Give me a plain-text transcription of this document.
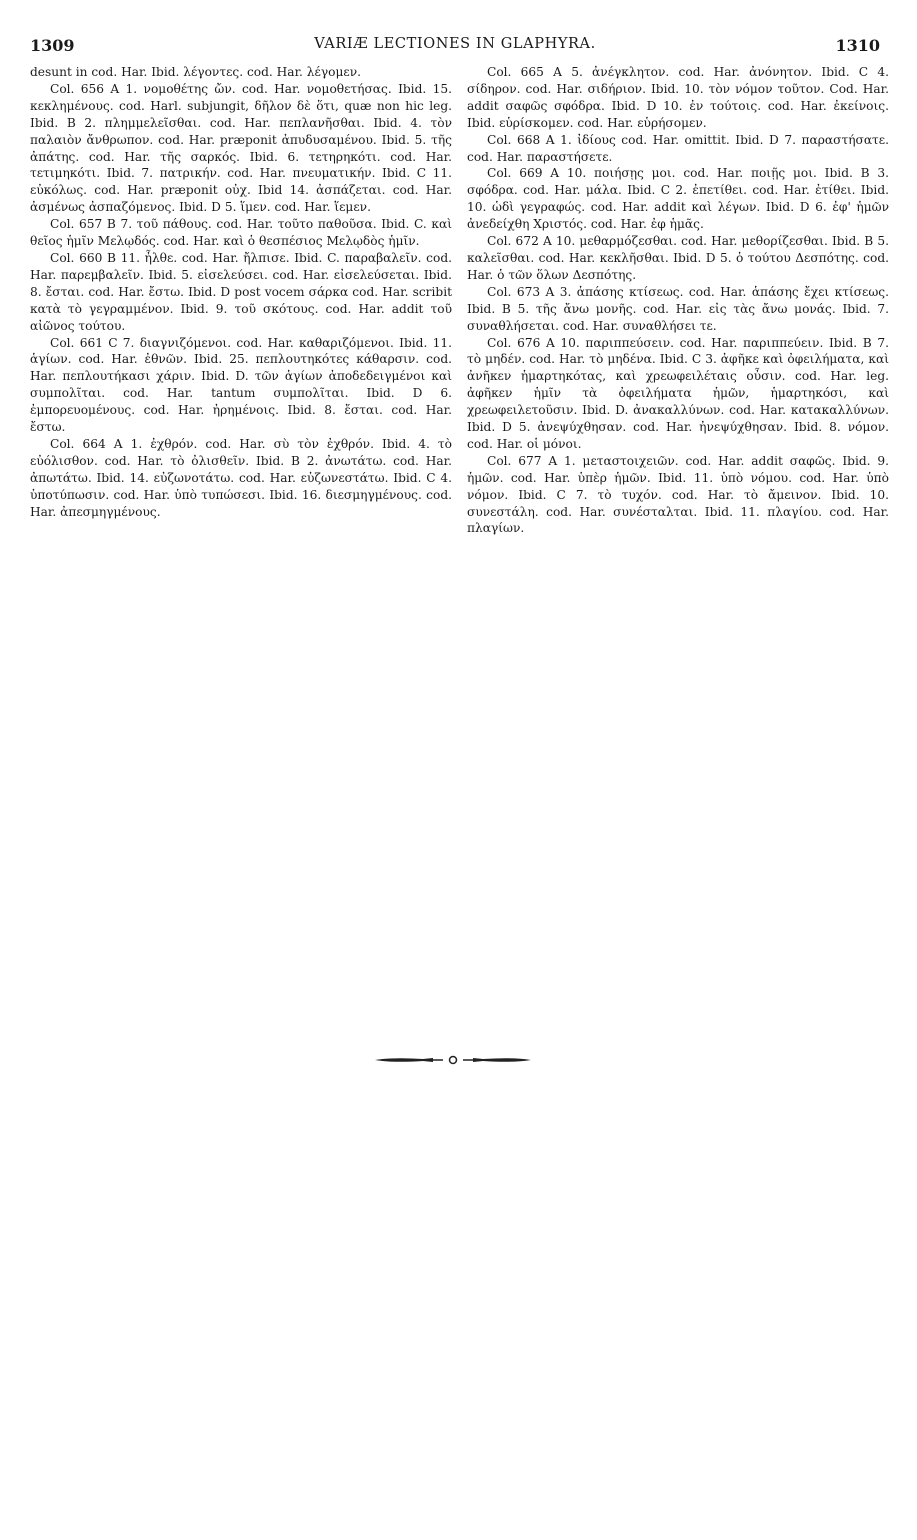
1309	VARIÆ LECTIONES IN GLAPHYRA.	1310

desunt in cod. Har. Ibid. λέγοντες. cod. Har. λέγομεν.

Col. 656 A 1. νομοθέτης ὤν. cod. Har. νομοθετήσας. Ibid. 15. κεκλημένους. cod. Harl. subjungit, δῆλον δὲ ὅτι, quæ non hic leg. Ibid. B 2. πλημμελεῖσθαι. cod. Har. πεπλανῆσθαι. Ibid. 4. τὸν παλαιὸν ἄνθρωπον. cod. Har. præponit ἀπυδυσαμένου. Ibid. 5. τῆς ἀπάτης. cod. Har. τῆς σαρκός. Ibid. 6. τετηρηκότι. cod. Har. τετιμηκότι. Ibid. 7. πατρικήν. cod. Har. πνευματικήν. Ibid. C 11. εὐκόλως. cod. Har. præponit οὐχ. Ibid 14. ἀσπάζεται. cod. Har. ἀσμένως ἀσπαζόμενος. Ibid. D 5. ἵμεν. cod. Har. ἵεμεν.

Col. 657 B 7. τοῦ πάθους. cod. Har. τοῦτο παθοῦσα. Ibid. C. καὶ θεῖος ἡμῖν Μελῳδός. cod. Har. καὶ ὁ θεσπέσιος Μελῳδὸς ἡμῖν.

Col. 660 B 11. ἦλθε. cod. Har. ἤλπισε. Ibid. C. παραβαλεῖν. cod. Har. παρεμβαλεῖν. Ibid. 5. εἰσελεύσει. cod. Har. εἰσελεύσεται. Ibid. 8. ἔσται. cod. Har. ἔστω. Ibid. D post vocem σάρκα cod. Har. scribit κατὰ τὸ γεγραμμένον. Ibid. 9. τοῦ σκότους. cod. Har. addit τοῦ αἰῶνος τούτου.

Col. 661 C 7. διαγνιζόμενοι. cod. Har. καθαριζόμενοι. Ibid. 11. ἁγίων. cod. Har. ἐθνῶν. Ibid. 25. πεπλουτηκότες κάθαρσιν. cod. Har. πεπλουτήκασι χάριν. Ibid. D. τῶν ἁγίων ἀποδεδειγμένοι καὶ συμπολῖται. cod. Har. tantum συμπολῖται. Ibid. D 6. ἐμπορευομένους. cod. Har. ἠρημένοις. Ibid. 8. ἔσται. cod. Har. ἔστω.

Col. 664 A 1. ἐχθρόν. cod. Har. σὺ τὸν ἐχθρόν. Ibid. 4. τὸ εὐόλισθον. cod. Har. τὸ ὀλισθεῖν. Ibid. B 2. ἀνωτάτω. cod. Har. ἀπωτάτω. Ibid. 14. εὐζωνοτάτω. cod. Har. εὐζωνεστάτω. Ibid. C 4. ὑποτύπωσιν. cod. Har. ὑπὸ τυπώσεσι. Ibid. 16. διεσμηγμένους. cod. Har. ἀπεσμηγμένους.

Col. 665 A 5. ἀνέγκλητον. cod. Har. ἀνόνητον. Ibid. C 4. σίδηρον. cod. Har. σιδήριον. Ibid. 10. τὸν νόμον τοῦτον. Cod. Har. addit σαφῶς σφόδρα. Ibid. D 10. ἐν τούτοις. cod. Har. ἐκείνοις. Ibid. εὑρίσκομεν. cod. Har. εὑρήσομεν.

Col. 668 A 1. ἰδίους cod. Har. omittit. Ibid. D 7. παραστήσατε. cod. Har. παραστήσετε.

Col. 669 A 10. ποιήσῃς μοι. cod. Har. ποιῇς μοι. Ibid. B 3. σφόδρα. cod. Har. μάλα. Ibid. C 2. ἐπετίθει. cod. Har. ἐτίθει. Ibid. 10. ὡδὶ γεγραφώς. cod. Har. addit καὶ λέγων. Ibid. D 6. ἐφ' ἡμῶν ἀνεδείχθη Χριστός. cod. Har. ἐφ ἡμᾶς.

Col. 672 A 10. μεθαρμόζεσθαι. cod. Har. μεθορίζεσθαι. Ibid. B 5. καλεῖσθαι. cod. Har. κεκλῆσθαι. Ibid. D 5. ὁ τούτου Δεσπότης. cod. Har. ὁ τῶν ὅλων Δεσπότης.

Col. 673 A 3. ἁπάσης κτίσεως. cod. Har. ἁπάσης ἔχει κτίσεως. Ibid. B 5. τῆς ἄνω μονῆς. cod. Har. εἰς τὰς ἄνω μονάς. Ibid. 7. συναθλήσεται. cod. Har. συναθλήσει τε.

Col. 676 A 10. παριππεύσειν. cod. Har. παριππεύειν. Ibid. B 7. τὸ μηδέν. cod. Har. τὸ μηδένα. Ibid. C 3. ἀφῆκε καὶ ὀφειλήματα, καὶ ἀνῆκεν ἡμαρτηκότας, καὶ χρεωφειλέταις οὖσιν. cod. Har. leg. ἀφῆκεν ἡμῖν τὰ ὀφειλήματα ἡμῶν, ἡμαρτηκόσι, καὶ χρεωφειλετοῦσιν. Ibid. D. ἀνακαλλύνων. cod. Har. κατακαλλύνων. Ibid. D 5. ἀνεψύχθησαν. cod. Har. ἠνεψύχθησαν. Ibid. 8. νόμον. cod. Har. οἱ μόνοι.

Col. 677 A 1. μεταστοιχειῶν. cod. Har. addit σαφῶς. Ibid. 9. ἡμῶν. cod. Har. ὑπὲρ ἡμῶν. Ibid. 11. ὑπὸ νόμου. cod. Har. ὑπὸ νόμον. Ibid. C 7. τὸ τυχόν. cod. Har. τὸ ἄμεινον. Ibid. 10. συνεστάλη. cod. Har. συνέσταλται. Ibid. 11. πλαγίου. cod. Har. πλαγίων.
